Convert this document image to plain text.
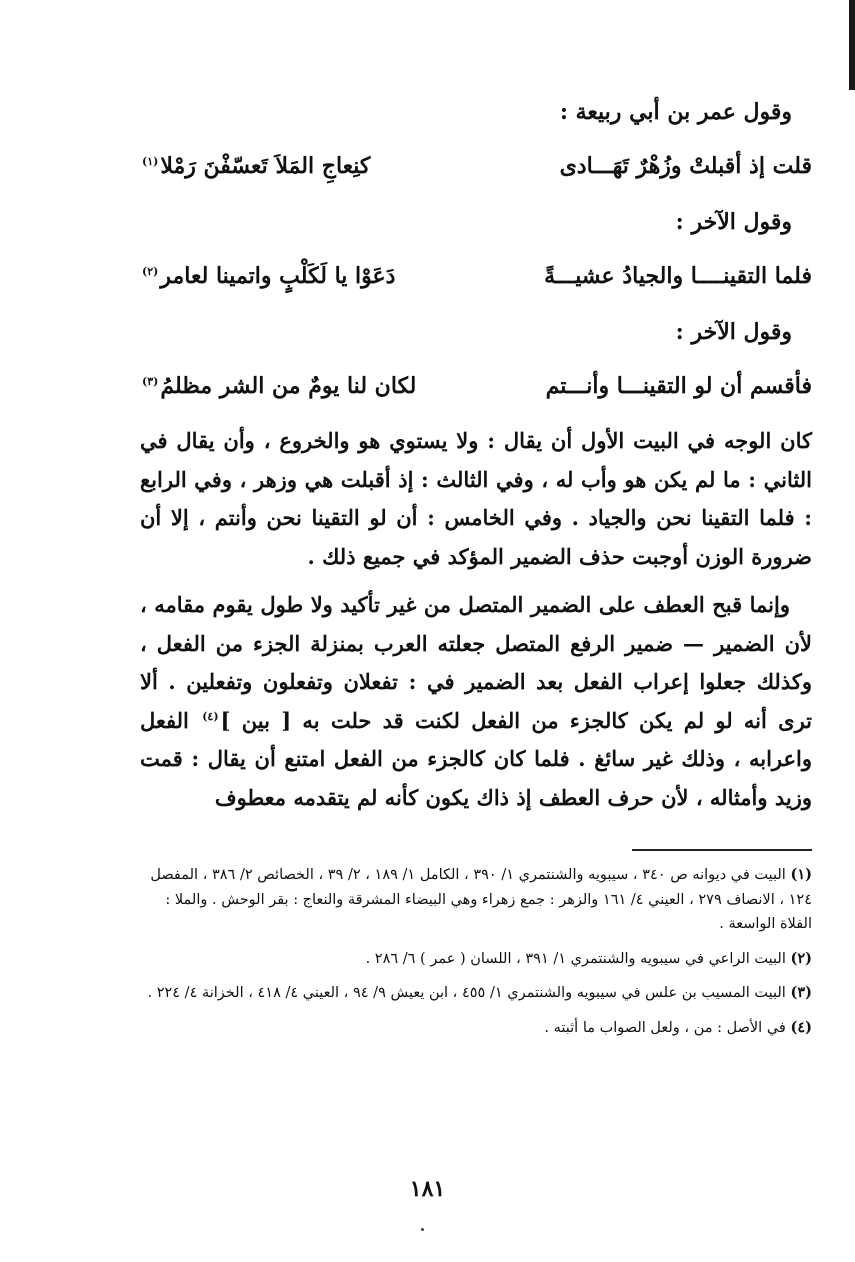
وقول عمر بن أبي ربيعة :

قلت إذ أقبلتْ وزُهْرٌ تَهَـــادى
كنِعاجِ المَلاَ تَعسّفْنَ رَمْلا$^{(١)}$

وقول الآخر :

فلما التقينــــا والجيادُ عشيـــةً
دَعَوْا يا لَكَلْبٍ واتمينا لعامر$^{(٢)}$

وقول الآخر :

فأقسم أن لو التقينـــا وأنـــتم
لكان لنا يومٌ من الشر مظلمُ$^{(٣)}$

كان الوجه في البيت الأول أن يقال : ولا يستوي هو والخروع ، وأن يقال في الثاني : ما لم يكن هو وأب له ، وفي الثالث : إذ أقبلت هي وزهر ، وفي الرابع : فلما التقينا نحن والجياد . وفي الخامس : أن لو التقينا نحن وأنتم ، إلا أن ضرورة الوزن أوجبت حذف الضمير المؤكد في جميع ذلك .

وإنما قبح العطف على الضمير المتصل من غير تأكيد ولا طول يقوم مقامه ، لأن الضمير — ضمير الرفع المتصل جعلته العرب بمنزلة الجزء من الفعل ، وكذلك جعلوا إعراب الفعل بعد الضمير في : تفعلان وتفعلون وتفعلين . ألا ترى أنه لو لم يكن كالجزء من الفعل لكنت قد حلت به [ بين ]$^{(٤)}$ الفعل واعرابه ، وذلك غير سائغ . فلما كان كالجزء من الفعل امتنع أن يقال : قمت وزيد وأمثاله ، لأن حرف العطف إذ ذاك يكون كأنه لم يتقدمه معطوف

(١) البيت في ديوانه ص ٣٤٠ ، سيبويه والشنتمري ١/ ٣٩٠ ، الكامل ١/ ١٨٩ ، ٢/ ٣٩ ، الخصائص ٢/ ٣٨٦ ، المفصل ١٢٤ ، الانصاف ٢٧٩ ، العيني ٤/ ١٦١ والزهر : جمع زهراء وهي البيضاء المشرقة والنعاج : بقر الوحش . والملا : الفلاة الواسعة .

(٢) البيت الراعي في سيبويه والشنتمري ١/ ٣٩١ ، اللسان ( عمر ) ٦/ ٢٨٦ .

(٣) البيت المسيب بن علس في سيبويه والشنتمري ١/ ٤٥٥ ، ابن يعيش ٩/ ٩٤ ، العيني ٤/ ٤١٨ ، الخزانة ٤/ ٢٢٤ .

(٤) في الأصل : من ، ولعل الصواب ما أثبته .

١٨١
